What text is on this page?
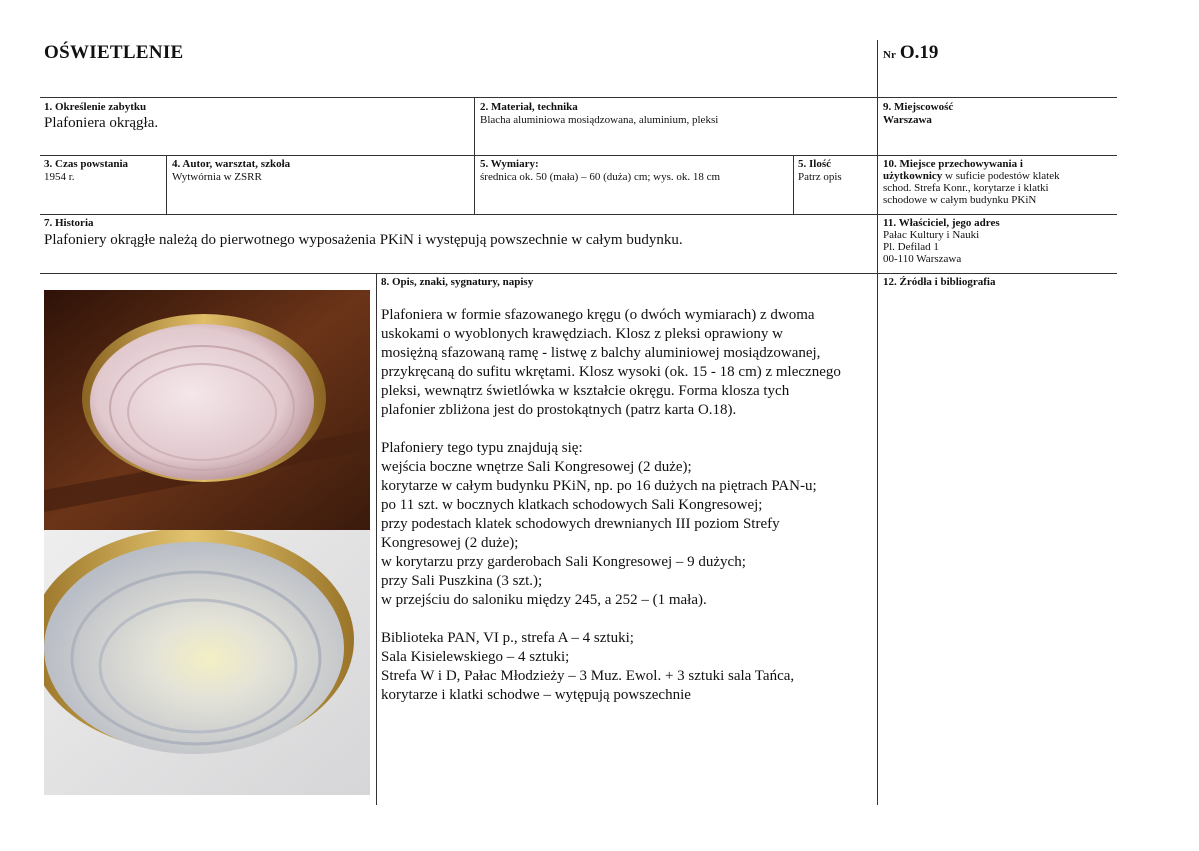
OŚWIETLENIE	Nr O.19
1. Określenie zabytku
Plafoniera okrągła.
2. Materiał, technika
Blacha aluminiowa mosiądzowana, aluminium, pleksi
9. Miejscowość
Warszawa
3. Czas powstania
1954 r.
4. Autor, warsztat, szkoła
Wytwórnia w ZSRR
5. Wymiary:
średnica ok. 50 (mała) – 60 (duża) cm; wys. ok. 18 cm
5. Ilość
Patrz opis
10. Miejsce przechowywania i
użytkownicy w suficie podestów klatek
schod. Strefa Konr., korytarze i klatki
schodowe w całym budynku PKiN
7. Historia
Plafoniery okrągłe należą do pierwotnego wyposażenia PKiN i występują powszechnie w całym budynku.
11. Właściciel, jego adres
Pałac Kultury i Nauki
Pl. Defilad 1
00-110 Warszawa
8. Opis, znaki, sygnatury, napisy	12. Źródła i bibliografia

Plafoniera w formie sfazowanego kręgu (o dwóch wymiarach) z dwoma uskokami o wyoblonych krawędziach. Klosz z pleksi oprawiony w mosiężną sfazowaną ramę - listwę z balchy aluminiowej mosiądzowanej, przykręcaną do sufitu wkrętami. Klosz wysoki (ok. 15 - 18 cm) z mlecznego pleksi, wewnątrz świetlówka w kształcie okręgu. Forma klosza tych plafonier zbliżona jest do prostokątnych (patrz karta O.18).

Plafoniery tego typu znajdują się:
wejścia boczne wnętrze Sali Kongresowej (2 duże);
korytarze w całym budynku PKiN, np. po 16 dużych na piętrach PAN-u;
po 11 szt. w bocznych klatkach schodowych Sali Kongresowej;
przy podestach klatek schodowych drewnianych III poziom Strefy Kongresowej (2 duże);
w korytarzu przy garderobach Sali Kongresowej – 9 dużych;
przy Sali Puszkina (3 szt.);
w przejściu do saloniku między 245, a 252 – (1 mała).
Biblioteka PAN, VI p., strefa A – 4 sztuki;
Sala Kisielewskiego – 4 sztuki;
Strefa W i D, Pałac Młodzieży – 3 Muz. Ewol. + 3 sztuki sala Tańca, korytarze i klatki schodwe – wytępują powszechnie
